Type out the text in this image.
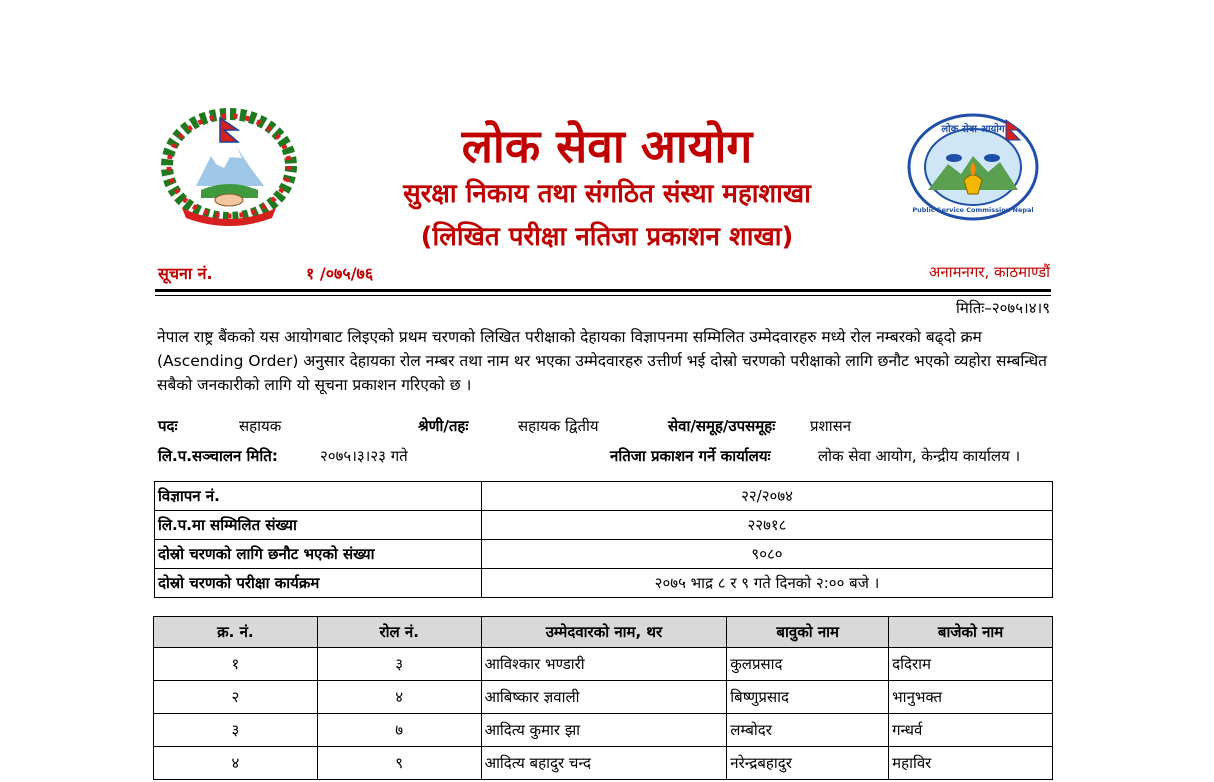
लोक सेवा आयोग
Public Service Commission Nepal
लोक सेवा आयोग
सुरक्षा निकाय तथा संगठित संस्था महाशाखा
(लिखित परीक्षा नतिजा प्रकाशन शाखा)
सूचना नं.	१ /०७५/७६	अनामनगर, काठमाण्डौं
मितिः–२०७५।४।९
नेपाल राष्ट्र बैंकको यस आयोगबाट लिइएको प्रथम चरणको लिखित परीक्षाको देहायका विज्ञापनमा सम्मिलित उम्मेदवारहरु मध्ये रोल नम्बरको बढ्दो क्रम (Ascending Order) अनुसार देहायका रोल नम्बर तथा नाम थर भएका उम्मेदवारहरु उत्तीर्ण भई दोस्रो चरणको परीक्षाको लागि छनौट भएको व्यहोरा सम्बन्धित सबैको जनकारीको लागि यो सूचना प्रकाशन गरिएको छ ।
पदः	सहायक	श्रेणी/तहः	सहायक द्वितीय	सेवा/समूह/उपसमूहः प्रशासन
लि.प.सञ्चालन मिति:	२०७५।३।२३ गते	नतिजा प्रकाशन गर्ने कार्यालयः	लोक सेवा आयोग, केन्द्रीय कार्यालय ।
विज्ञापन नं.	२२/२०७४
लि.प.मा सम्मिलित संख्या	२२७१८
दोस्रो चरणको लागि छनौट भएको संख्या	९०८०
दोस्रो चरणको परीक्षा कार्यक्रम	२०७५ भाद्र ८ र ९ गते दिनको २:०० बजे ।
क्र. नं.	रोल नं.	उम्मेदवारको नाम, थर	बावुको नाम	बाजेको नाम
१	३	आविश्कार भण्डारी	कुलप्रसाद	ददिराम
२	४	आबिष्कार ज्ञवाली	बिष्णुप्रसाद	भानुभक्त
३	७	आदित्य कुमार झा	लम्बोदर	गन्धर्व
४	९	आदित्य बहादुर चन्द	नरेन्द्रबहादुर	महाविर
